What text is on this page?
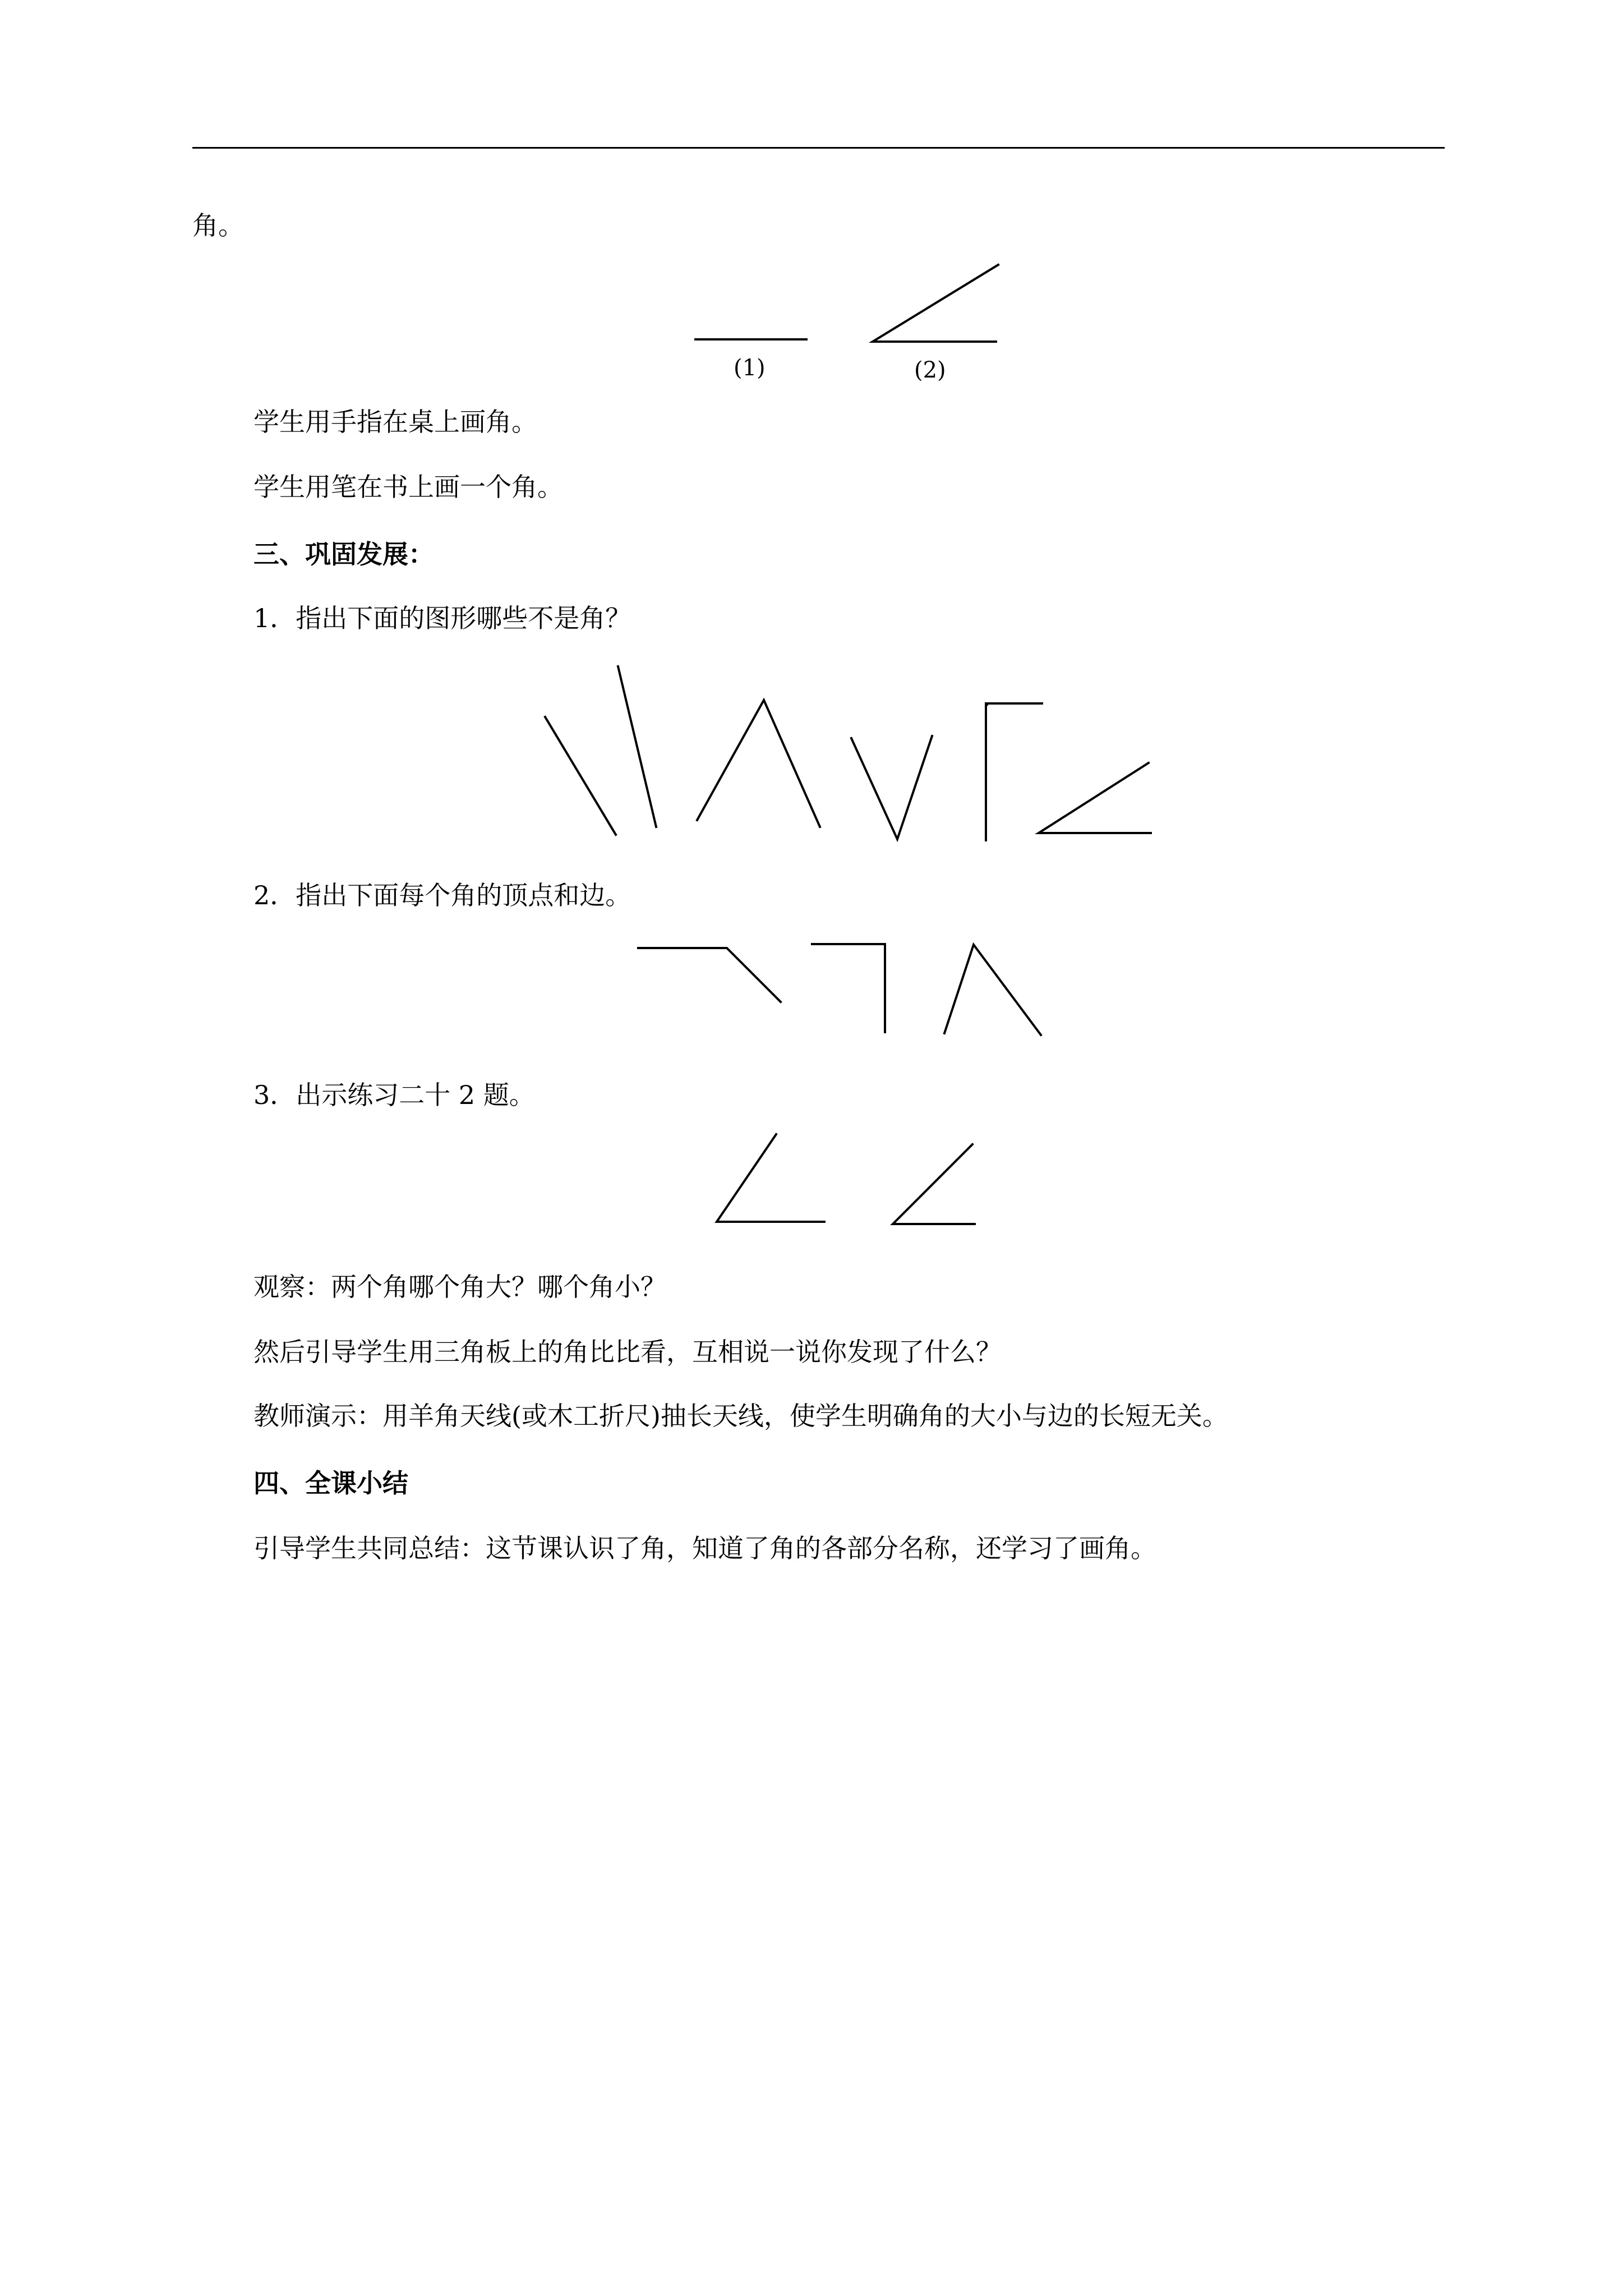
角。
(1)	(2)
学生用手指在桌上画角。
学生用笔在书上画一个角。
三、巩固发展：
1．指出下面的图形哪些不是角？
2．指出下面每个角的顶点和边。
3．出示练习二十 2 题。
观察：两个角哪个角大？哪个角小？
然后引导学生用三角板上的角比比看，互相说一说你发现了什么？
教师演示：用羊角天线(或木工折尺)抽长天线，使学生明确角的大小与边的长短无关。
四、全课小结
引导学生共同总结：这节课认识了角，知道了角的各部分名称，还学习了画角。
